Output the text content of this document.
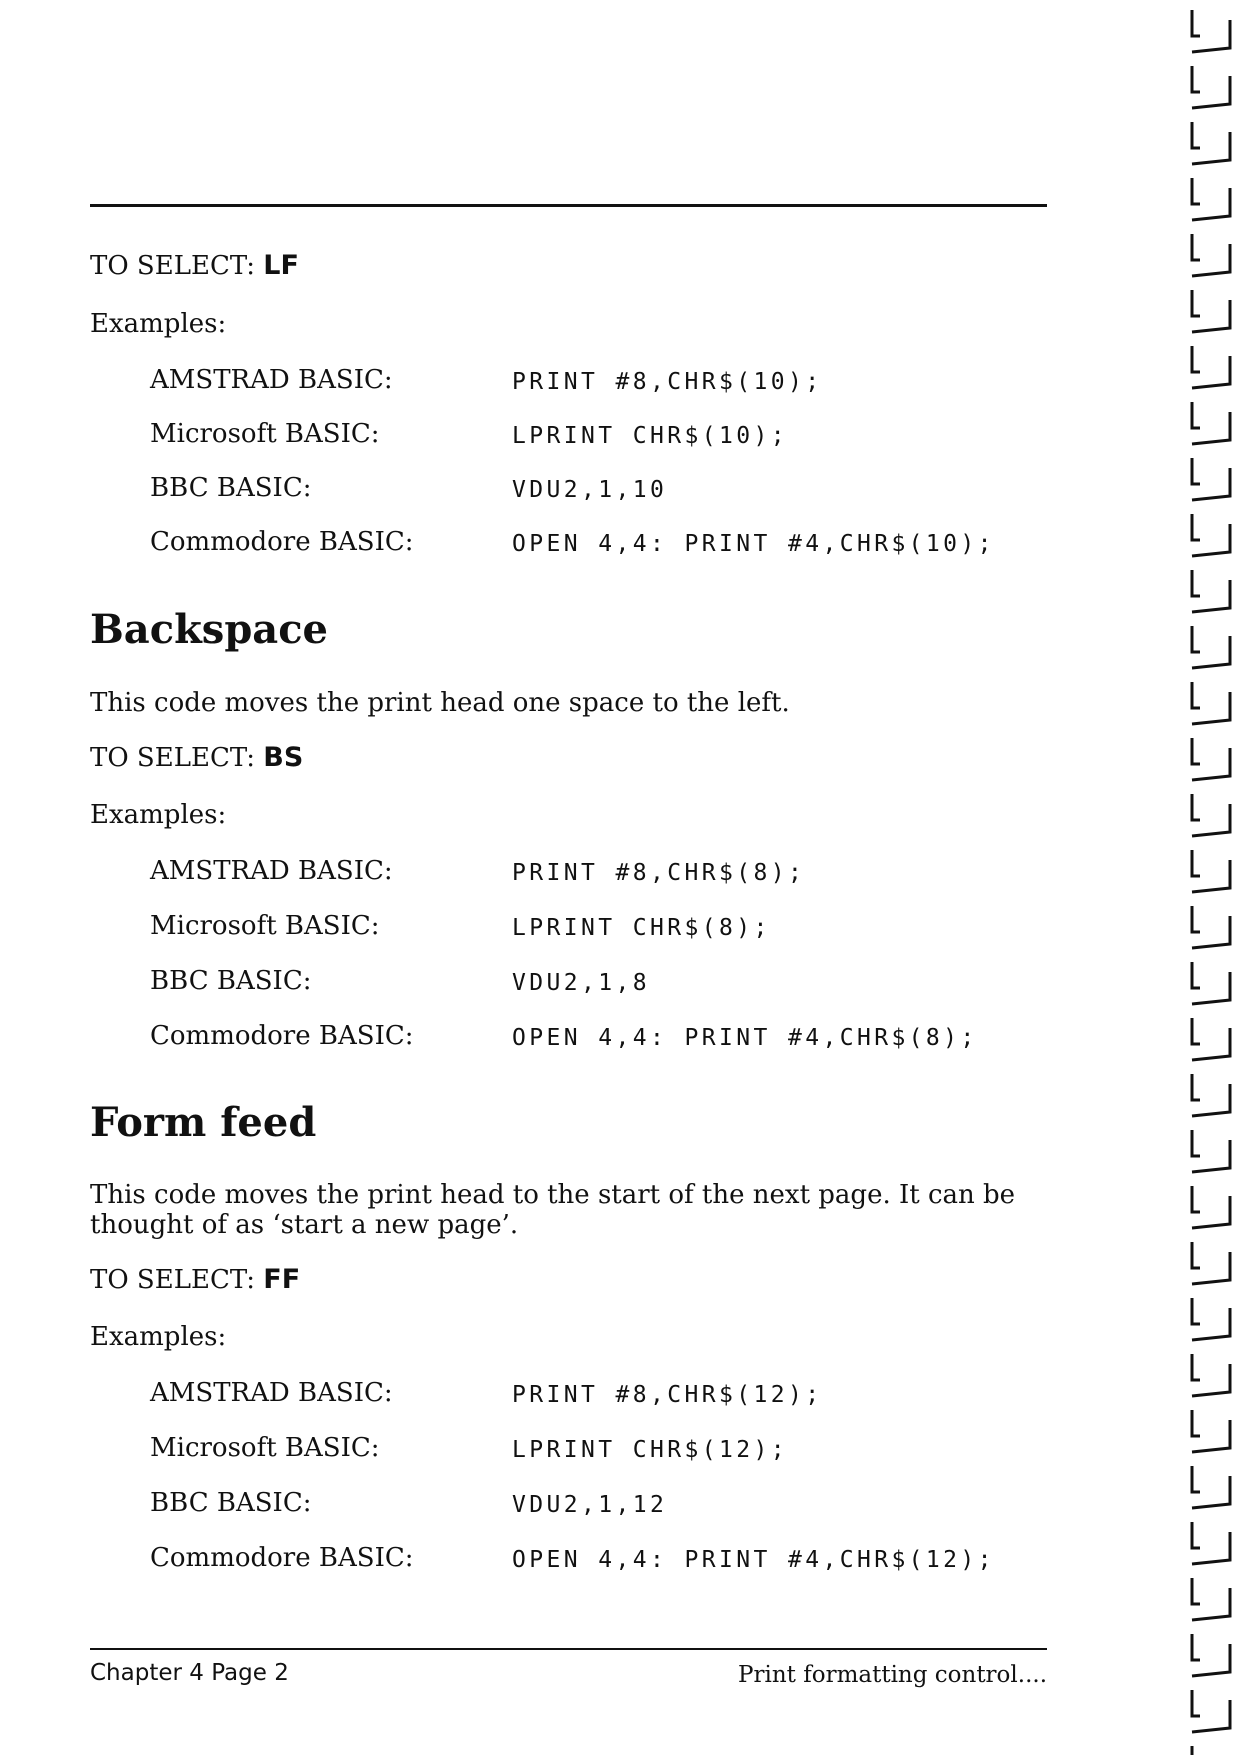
TO SELECT: LF
Examples:
AMSTRAD BASIC:	PRINT #8,CHR$(10);
Microsoft BASIC:	LPRINT CHR$(10);
BBC BASIC:	VDU2,1,10
Commodore BASIC:	OPEN 4,4: PRINT #4,CHR$(10);
Backspace
This code moves the print head one space to the left.
TO SELECT: BS
Examples:
AMSTRAD BASIC:	PRINT #8,CHR$(8);
Microsoft BASIC:	LPRINT CHR$(8);
BBC BASIC:	VDU2,1,8
Commodore BASIC:	OPEN 4,4: PRINT #4,CHR$(8);
Form feed
This code moves the print head to the start of the next page. It can be thought of as ‘start a new page’.
TO SELECT: FF
Examples:
AMSTRAD BASIC:	PRINT #8,CHR$(12);
Microsoft BASIC:	LPRINT CHR$(12);
BBC BASIC:	VDU2,1,12
Commodore BASIC:	OPEN 4,4: PRINT #4,CHR$(12);
Chapter 4 Page 2	Print formatting control....
